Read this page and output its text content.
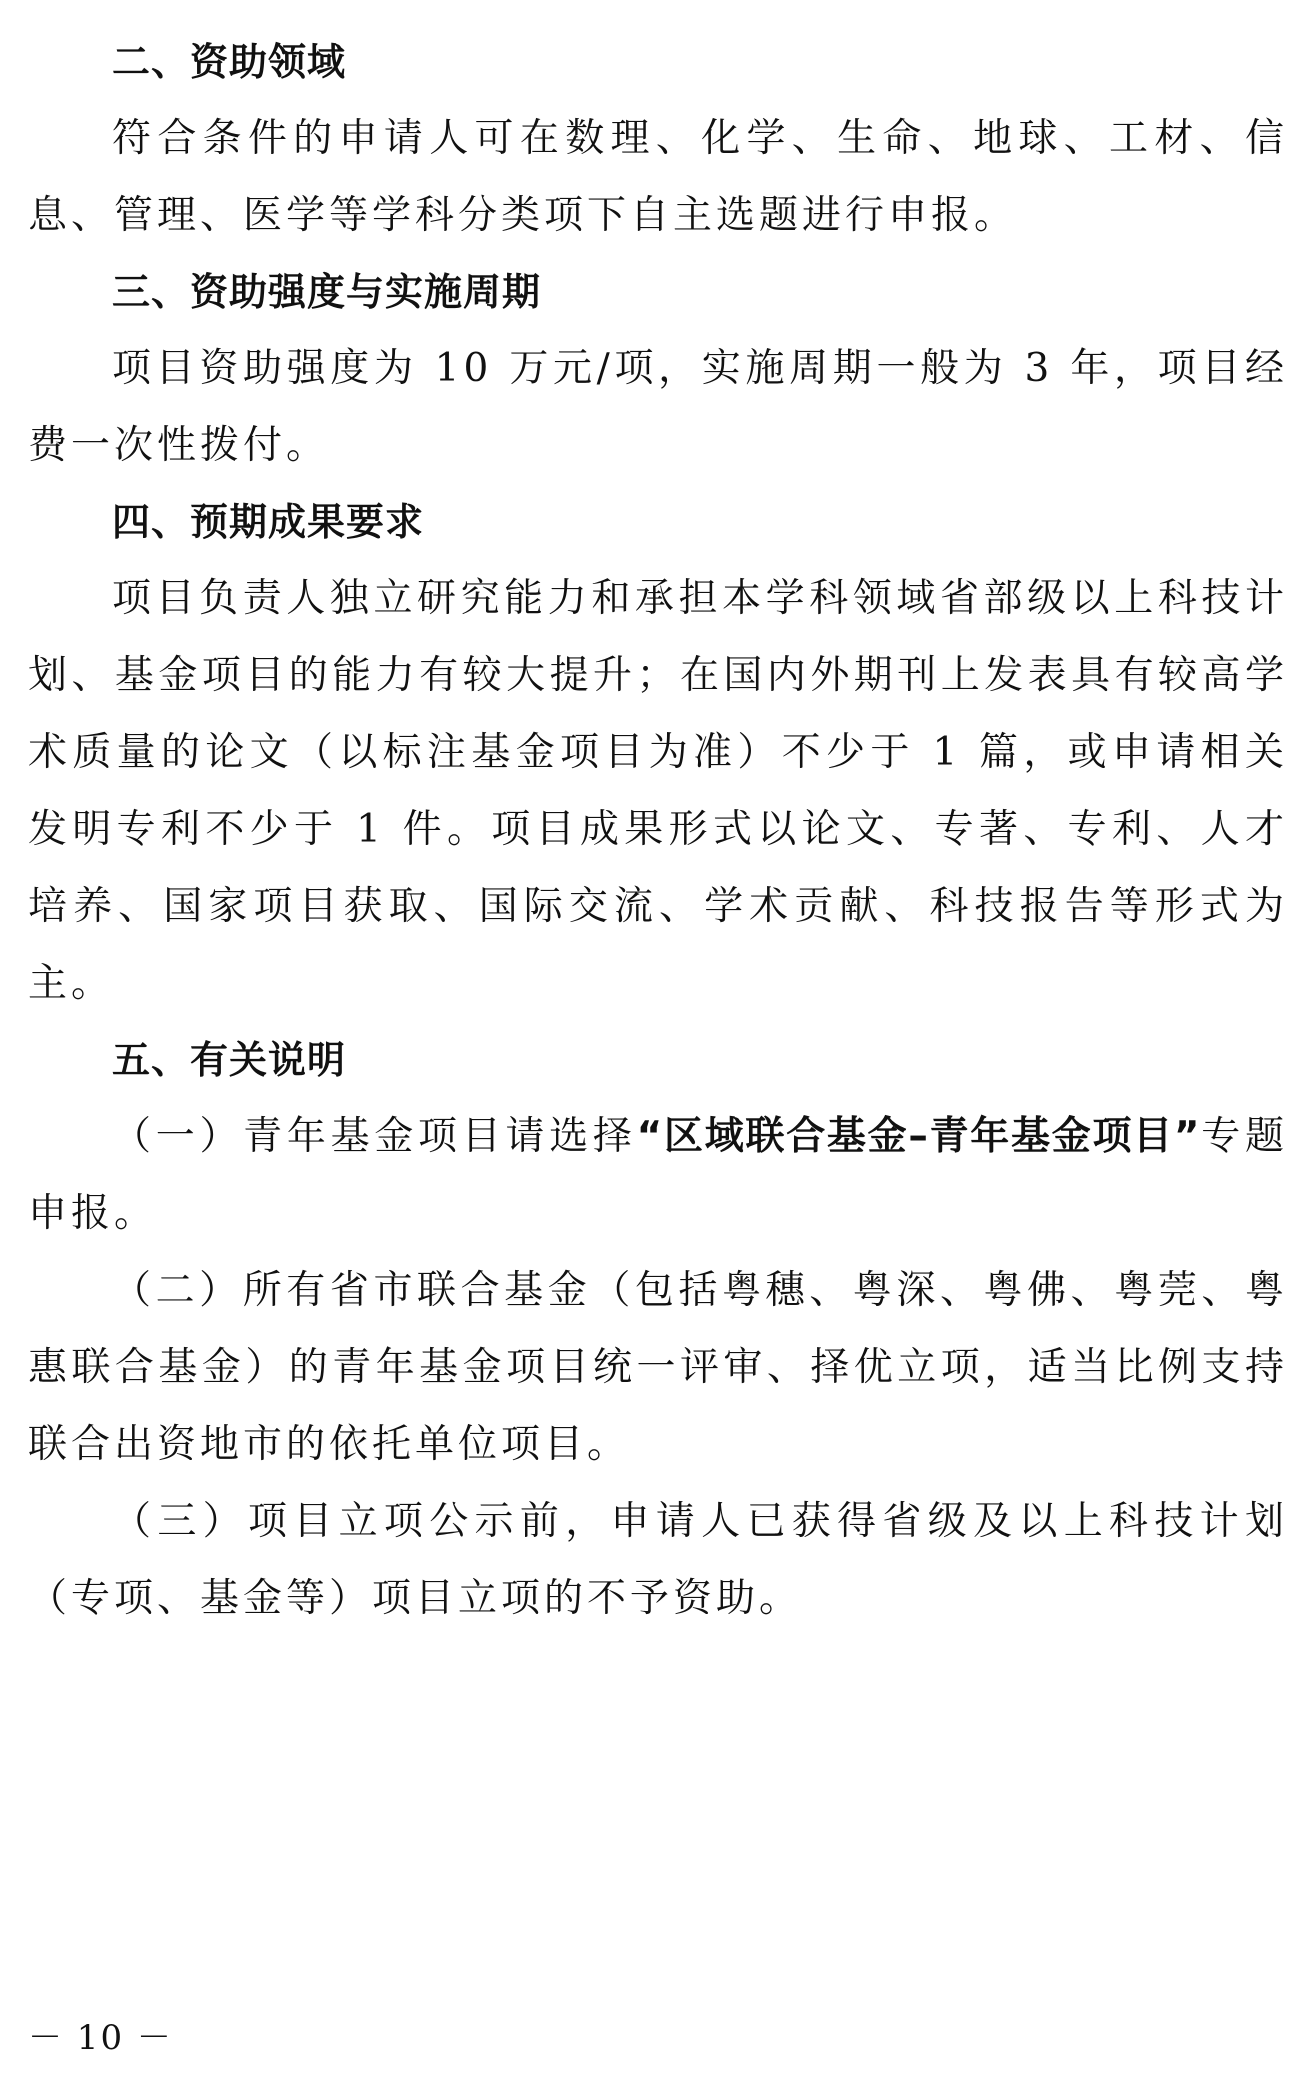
二、资助领域

符合条件的申请人可在数理、化学、生命、地球、工材、信息、管理、医学等学科分类项下自主选题进行申报。

三、资助强度与实施周期

项目资助强度为 10 万元/项，实施周期一般为 3 年，项目经费一次性拨付。

四、预期成果要求

项目负责人独立研究能力和承担本学科领域省部级以上科技计划、基金项目的能力有较大提升；在国内外期刊上发表具有较高学术质量的论文（以标注基金项目为准）不少于 1 篇，或申请相关发明专利不少于 1 件。项目成果形式以论文、专著、专利、人才培养、国家项目获取、国际交流、学术贡献、科技报告等形式为主。

五、有关说明

（一）青年基金项目请选择“区域联合基金–青年基金项目”专题申报。

（二）所有省市联合基金（包括粤穗、粤深、粤佛、粤莞、粤惠联合基金）的青年基金项目统一评审、择优立项，适当比例支持联合出资地市的依托单位项目。

（三）项目立项公示前，申请人已获得省级及以上科技计划（专项、基金等）项目立项的不予资助。

－ 10 －
